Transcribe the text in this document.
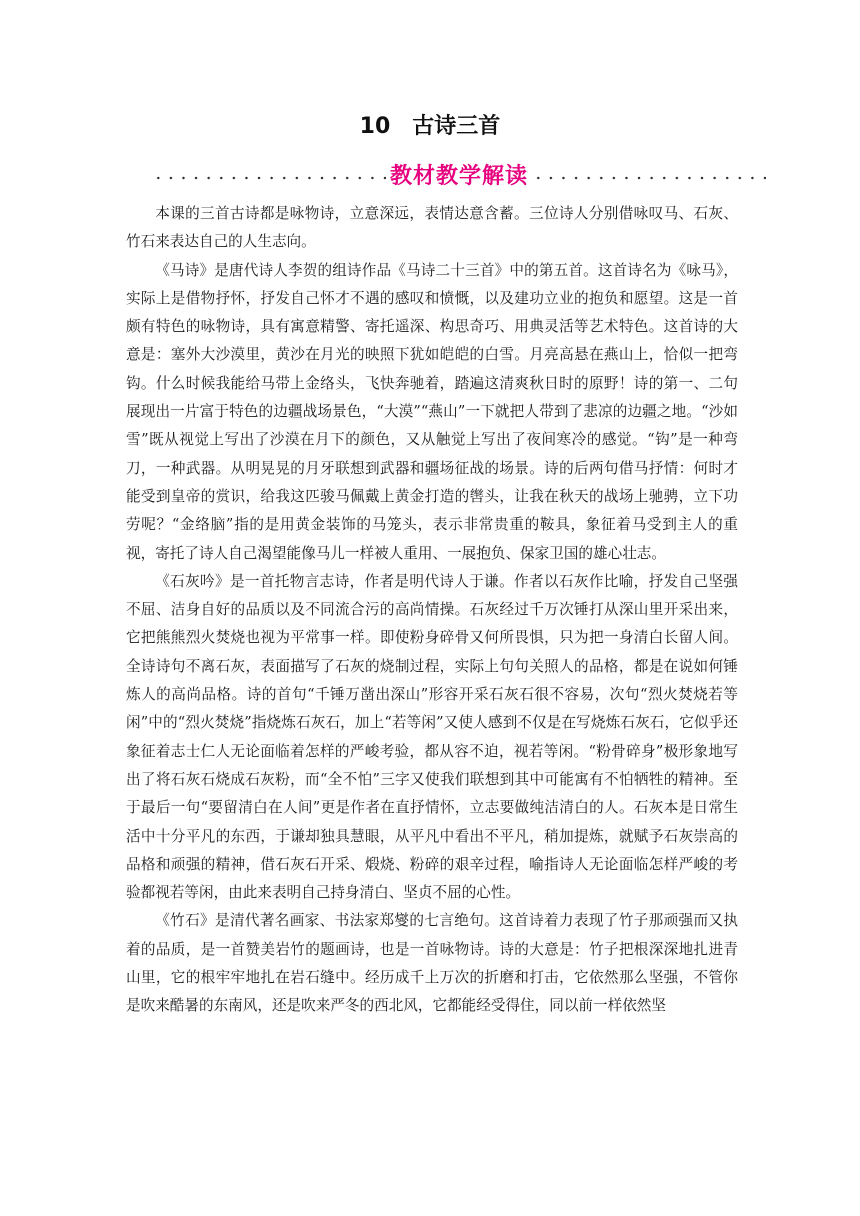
10 古诗三首
教材教学解读

本课的三首古诗都是咏物诗，立意深远，表情达意含蓄。三位诗人分别借咏叹马、石灰、竹石来表达自己的人生志向。

《马诗》是唐代诗人李贺的组诗作品《马诗二十三首》中的第五首。这首诗名为《咏马》，实际上是借物抒怀，抒发自己怀才不遇的感叹和愤慨，以及建功立业的抱负和愿望。这是一首颇有特色的咏物诗，具有寓意精警、寄托遥深、构思奇巧、用典灵活等艺术特色。这首诗的大意是：塞外大沙漠里，黄沙在月光的映照下犹如皑皑的白雪。月亮高悬在燕山上，恰似一把弯钩。什么时候我能给马带上金络头，飞快奔驰着，踏遍这清爽秋日时的原野！诗的第一、二句展现出一片富于特色的边疆战场景色，“大漠”“燕山”一下就把人带到了悲凉的边疆之地。“沙如雪”既从视觉上写出了沙漠在月下的颜色，又从触觉上写出了夜间寒冷的感觉。“钩”是一种弯刀，一种武器。从明晃晃的月牙联想到武器和疆场征战的场景。诗的后两句借马抒情：何时才能受到皇帝的赏识，给我这匹骏马佩戴上黄金打造的辔头，让我在秋天的战场上驰骋，立下功劳呢？“金络脑”指的是用黄金装饰的马笼头，表示非常贵重的鞍具，象征着马受到主人的重视，寄托了诗人自己渴望能像马儿一样被人重用、一展抱负、保家卫国的雄心壮志。

《石灰吟》是一首托物言志诗，作者是明代诗人于谦。作者以石灰作比喻，抒发自己坚强不屈、洁身自好的品质以及不同流合污的高尚情操。石灰经过千万次锤打从深山里开采出来，它把熊熊烈火焚烧也视为平常事一样。即使粉身碎骨又何所畏惧，只为把一身清白长留人间。全诗诗句不离石灰，表面描写了石灰的烧制过程，实际上句句关照人的品格，都是在说如何锤炼人的高尚品格。诗的首句“千锤万凿出深山”形容开采石灰石很不容易，次句“烈火焚烧若等闲”中的“烈火焚烧”指烧炼石灰石，加上“若等闲”又使人感到不仅是在写烧炼石灰石，它似乎还象征着志士仁人无论面临着怎样的严峻考验，都从容不迫，视若等闲。“粉骨碎身”极形象地写出了将石灰石烧成石灰粉，而“全不怕”三字又使我们联想到其中可能寓有不怕牺牲的精神。至于最后一句“要留清白在人间”更是作者在直抒情怀，立志要做纯洁清白的人。石灰本是日常生活中十分平凡的东西，于谦却独具慧眼，从平凡中看出不平凡，稍加提炼，就赋予石灰崇高的品格和顽强的精神，借石灰石开采、煅烧、粉碎的艰辛过程，喻指诗人无论面临怎样严峻的考验都视若等闲，由此来表明自己持身清白、坚贞不屈的心性。

《竹石》是清代著名画家、书法家郑燮的七言绝句。这首诗着力表现了竹子那顽强而又执着的品质，是一首赞美岩竹的题画诗，也是一首咏物诗。诗的大意是：竹子把根深深地扎进青山里，它的根牢牢地扎在岩石缝中。经历成千上万次的折磨和打击，它依然那么坚强，不管你是吹来酷暑的东南风，还是吹来严冬的西北风，它都能经受得住，同以前一样依然坚
